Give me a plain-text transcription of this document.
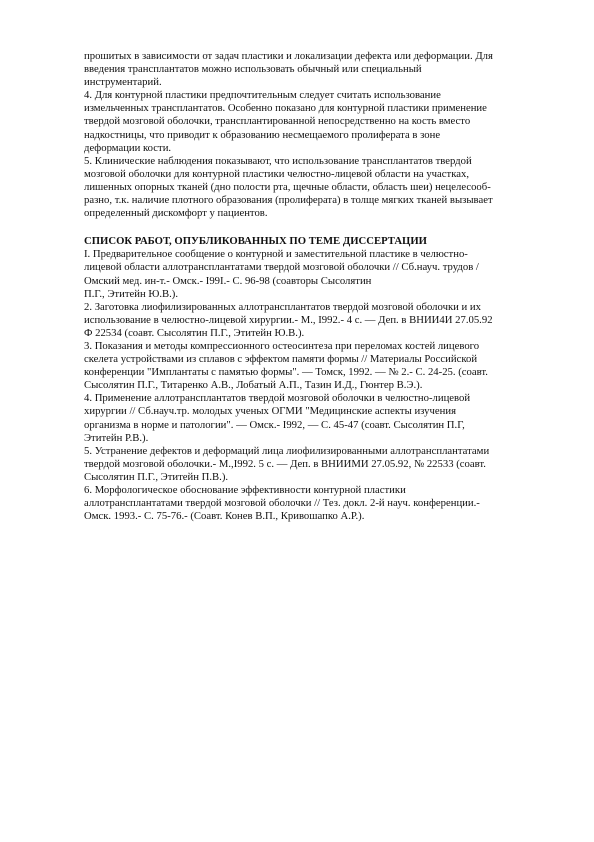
прошитых в зависимости от задач пластики и локализации дефекта или деформации. Для
введения трансплантатов можно использовать обычный или специальный
инструментарий.

4. Для контурной пластики предпочтительным следует считать использование
измельченных трансплантатов. Особенно показано для контурной пластики применение
твердой мозговой оболочки, трансплантированной непосредственно на кость вместо
надкостницы, что приводит к образованию несмещаемого пролиферата в зоне
деформации кости.

5. Клинические наблюдения показывают, что использование трансплантатов твердой
мозговой оболочки для контурной пластики челюстно-лицевой области на участках,
лишенных опорных тканей (дно полости рта, щечные области, область шеи) нецелесооб-
разно, т.к. наличие плотного образования (пролиферата) в толще мягких тканей вызывает
определенный дискомфорт у пациентов.

СПИСОК РАБОТ, ОПУБЛИКОВАННЫХ ПО ТЕМЕ ДИССЕРТАЦИИ

I. Предварительное сообщение о контурной и заместительной пластике в челюстно-
лицевой области аллотрансплантатами твердой мозговой оболочки // Сб.науч. трудов /
Омский мед. ин-т.- Омск.- I99I.- С. 96-98 (соавторы Сысолятин
П.Г., Этитейн Ю.В.).

2. Заготовка лиофилизированных аллотрансплантатов твердой мозговой оболочки и их
использование в челюстно-лицевой хирургии.- М., I992.- 4 с. — Деп. в ВНИИ4И 27.05.92
Ф 22534 (соавт. Сысолятин П.Г., Этитейн Ю.В.).

3. Показания и методы компрессионного остеосинтеза при переломах костей лицевого
скелета устройствами из сплавов с эффектом памяти формы // Материалы Российской
конференции "Имплантаты с памятью формы". — Томск, 1992. — № 2.- С. 24-25. (соавт.
Сысолятин П.Г., Титаренко А.В., Лобатый А.П., Тазин И.Д., Гюнтер В.Э.).

4. Применение аллотрансплантатов твердой мозговой оболочки в челюстно-лицевой
хирургии // Сб.науч.тр. молодых ученых ОГМИ "Медицинские аспекты изучения
организма в норме и патологии". — Омск.- I992, — С. 45-47 (соавт. Сысолятин П.Г,
Этитейн Р.В.).

5. Устранение дефектов и деформаций лица лиофилизированными аллотрансплантатами
твердой мозговой оболочки.- М.,I992. 5 с. — Деп. в ВНИИМИ 27.05.92, № 22533 (соавт.
Сысолятин П.Г., Этитейн П.В.).

6. Морфологическое обоснование эффективности контурной пластики
аллотрансплантатами твердой мозговой оболочки // Тез. докл. 2-й науч. конференции.-
Омск. 1993.- С. 75-76.- (Соавт. Конев В.П., Кривошапко А.Р.).
